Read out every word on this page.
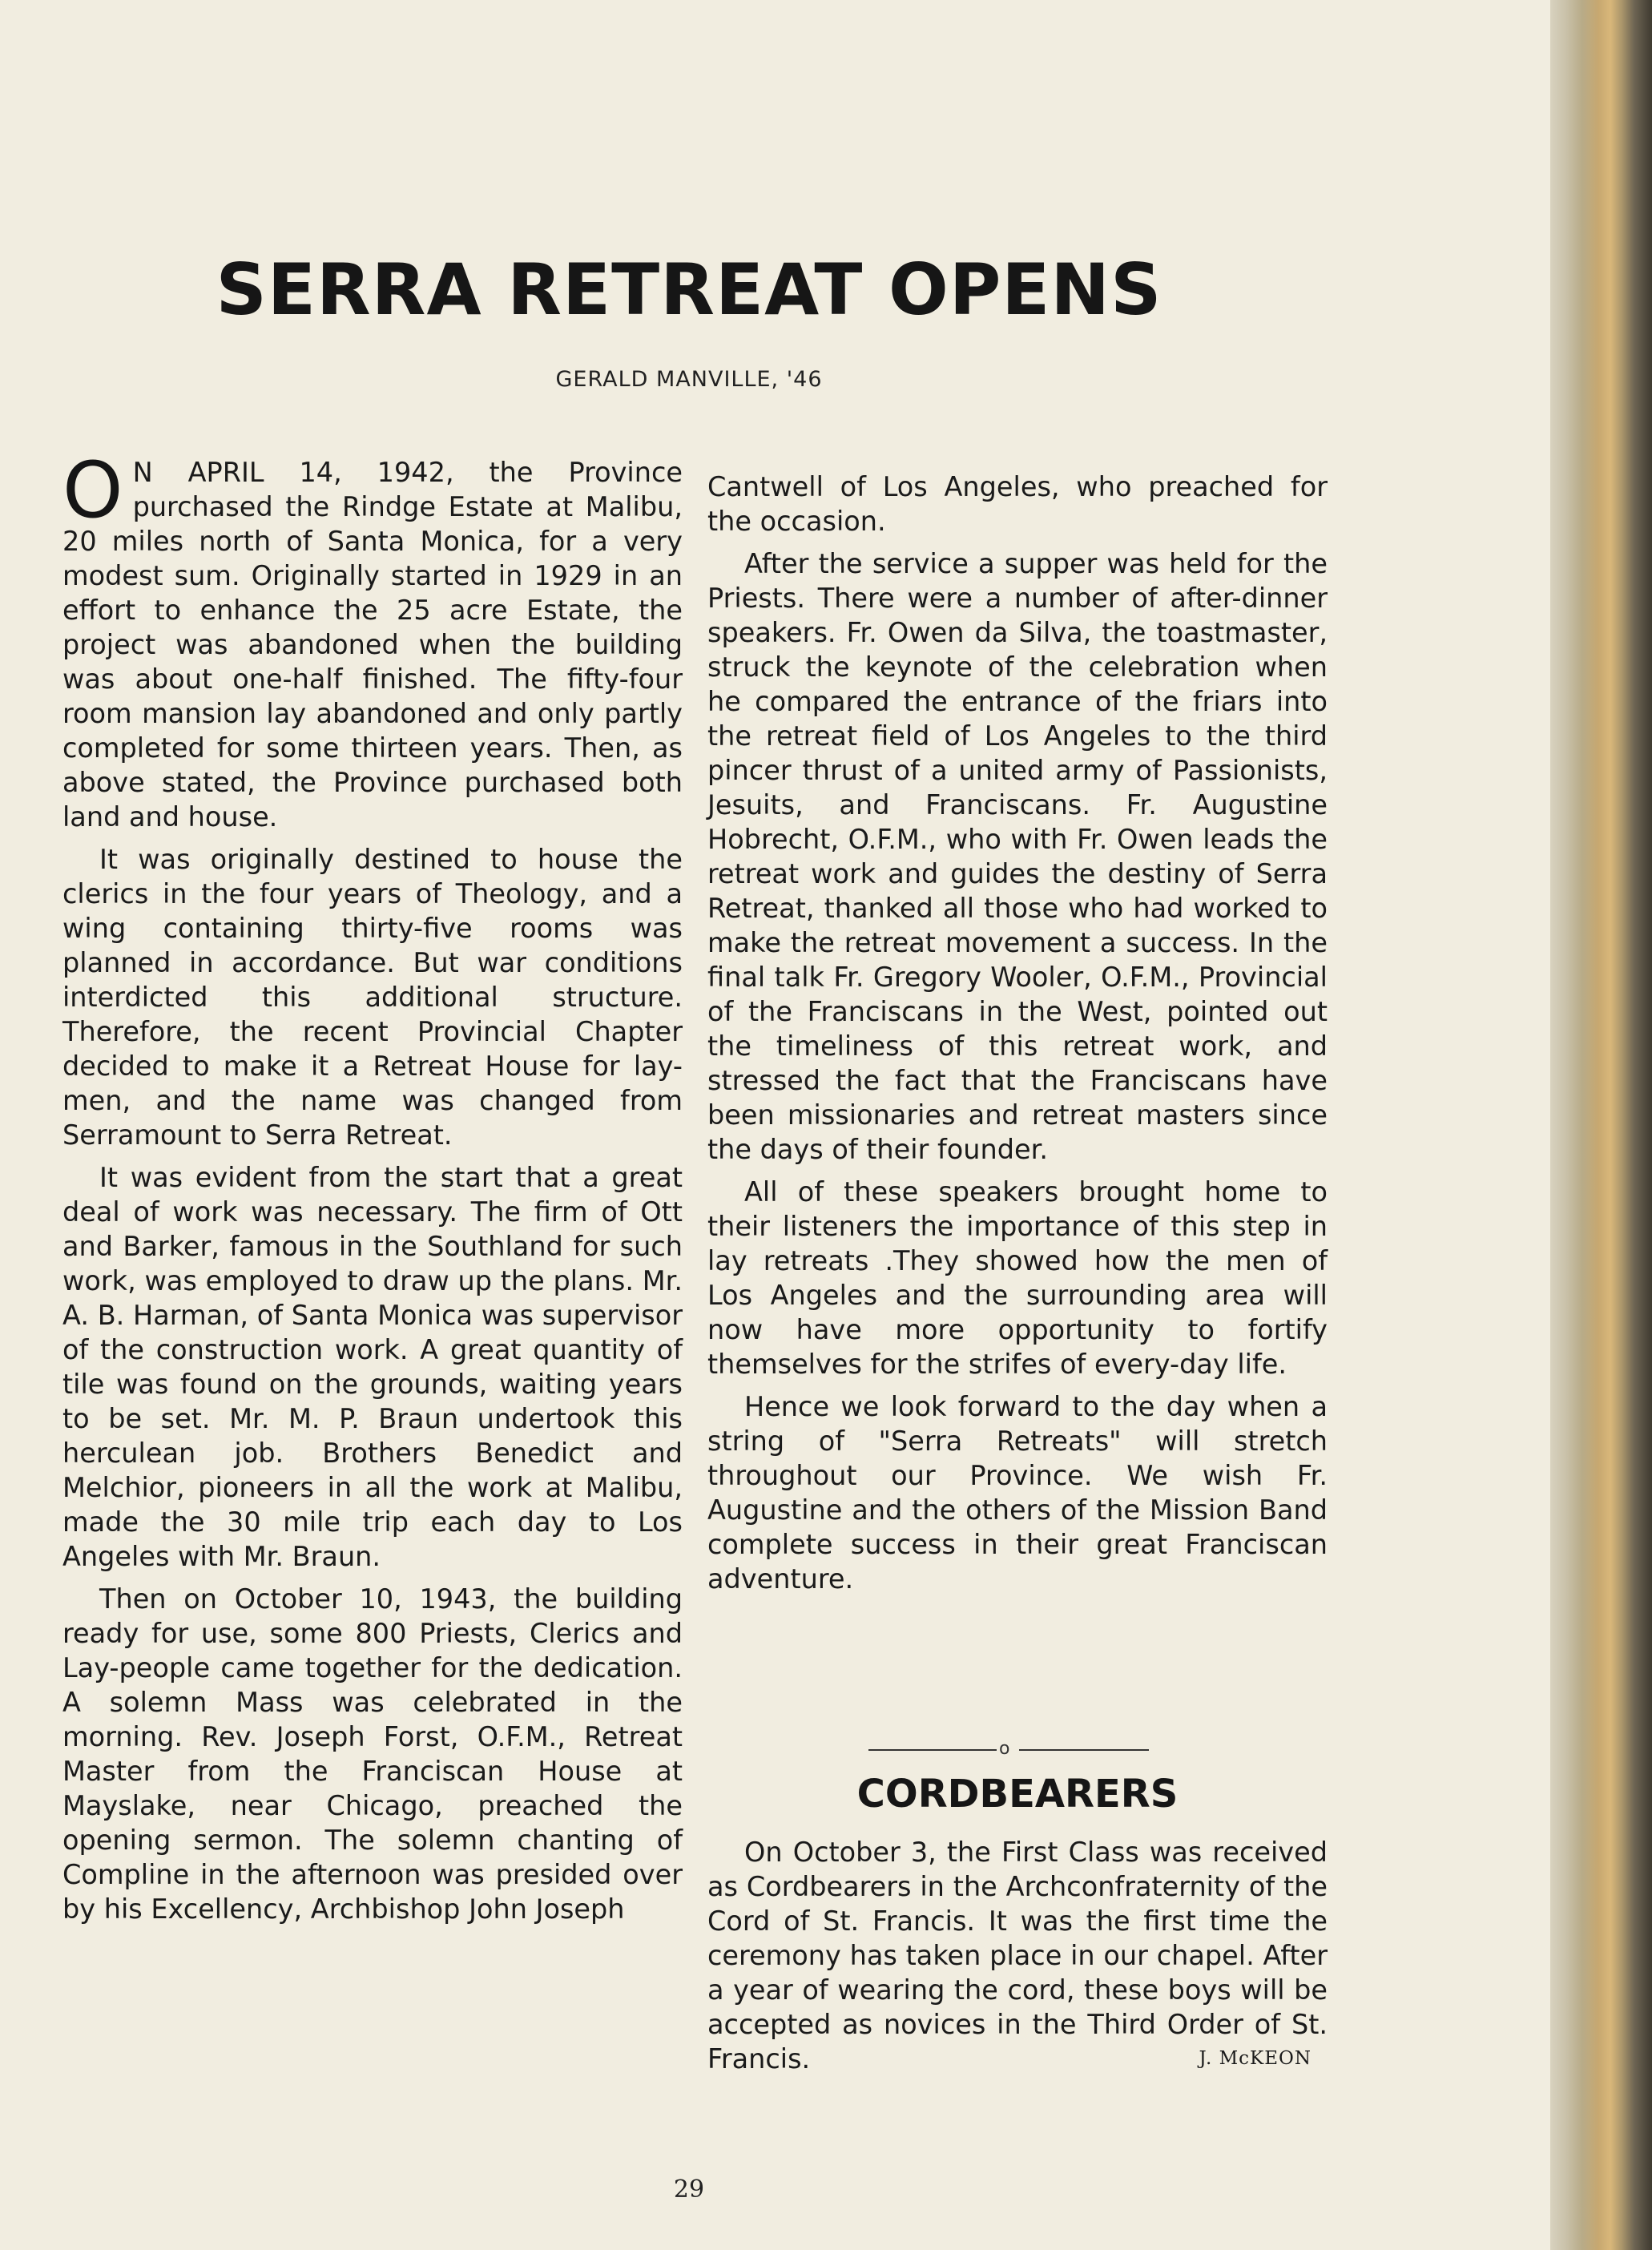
SERRA RETREAT OPENS
GERALD MANVILLE, '46

O N APRIL 14, 1942, the Province purchased the Rindge Estate at Malibu, 20 miles north of Santa Monica, for a very modest sum. Originally started in 1929 in an effort to enhance the 25 acre Estate, the project was abandoned when the building was about one-half finished. The fifty-four room mansion lay abandoned and only partly completed for some thirteen years. Then, as above stated, the Province purchased both land and house.

It was originally destined to house the clerics in the four years of Theology, and a wing containing thirty-five rooms was planned in accordance. But war conditions interdicted this additional structure. Therefore, the recent Provincial Chapter decided to make it a Retreat House for lay-men, and the name was changed from Serramount to Serra Retreat.

It was evident from the start that a great deal of work was necessary. The firm of Ott and Barker, famous in the Southland for such work, was employed to draw up the plans. Mr. A. B. Harman, of Santa Monica was supervisor of the construction work. A great quantity of tile was found on the grounds, waiting years to be set. Mr. M. P. Braun undertook this herculean job. Brothers Benedict and Melchior, pioneers in all the work at Malibu, made the 30 mile trip each day to Los Angeles with Mr. Braun.

Then on October 10, 1943, the building ready for use, some 800 Priests, Clerics and Lay-people came together for the dedication. A solemn Mass was celebrated in the morning. Rev. Joseph Forst, O.F.M., Retreat Master from the Franciscan House at Mayslake, near Chicago, preached the opening sermon. The solemn chanting of Compline in the afternoon was presided over by his Excellency, Archbishop John Joseph

Cantwell of Los Angeles, who preached for the occasion.

After the service a supper was held for the Priests. There were a number of after-dinner speakers. Fr. Owen da Silva, the toastmaster, struck the keynote of the celebration when he compared the entrance of the friars into the retreat field of Los Angeles to the third pincer thrust of a united army of Passionists, Jesuits, and Franciscans. Fr. Augustine Hobrecht, O.F.M., who with Fr. Owen leads the retreat work and guides the destiny of Serra Retreat, thanked all those who had worked to make the retreat movement a success. In the final talk Fr. Gregory Wooler, O.F.M., Provincial of the Franciscans in the West, pointed out the timeliness of this retreat work, and stressed the fact that the Franciscans have been missionaries and retreat masters since the days of their founder.

All of these speakers brought home to their listeners the importance of this step in lay retreats .They showed how the men of Los Angeles and the surrounding area will now have more opportunity to fortify themselves for the strifes of every-day life.

Hence we look forward to the day when a string of "Serra Retreats" will stretch throughout our Province. We wish Fr. Augustine and the others of the Mission Band complete success in their great Franciscan adventure.

o
CORDBEARERS

On October 3, the First Class was received as Cordbearers in the Archconfraternity of the Cord of St. Francis. It was the first time the ceremony has taken place in our chapel. After a year of wearing the cord, these boys will be accepted as novices in the Third Order of St. Francis.	J. McKEON

29
